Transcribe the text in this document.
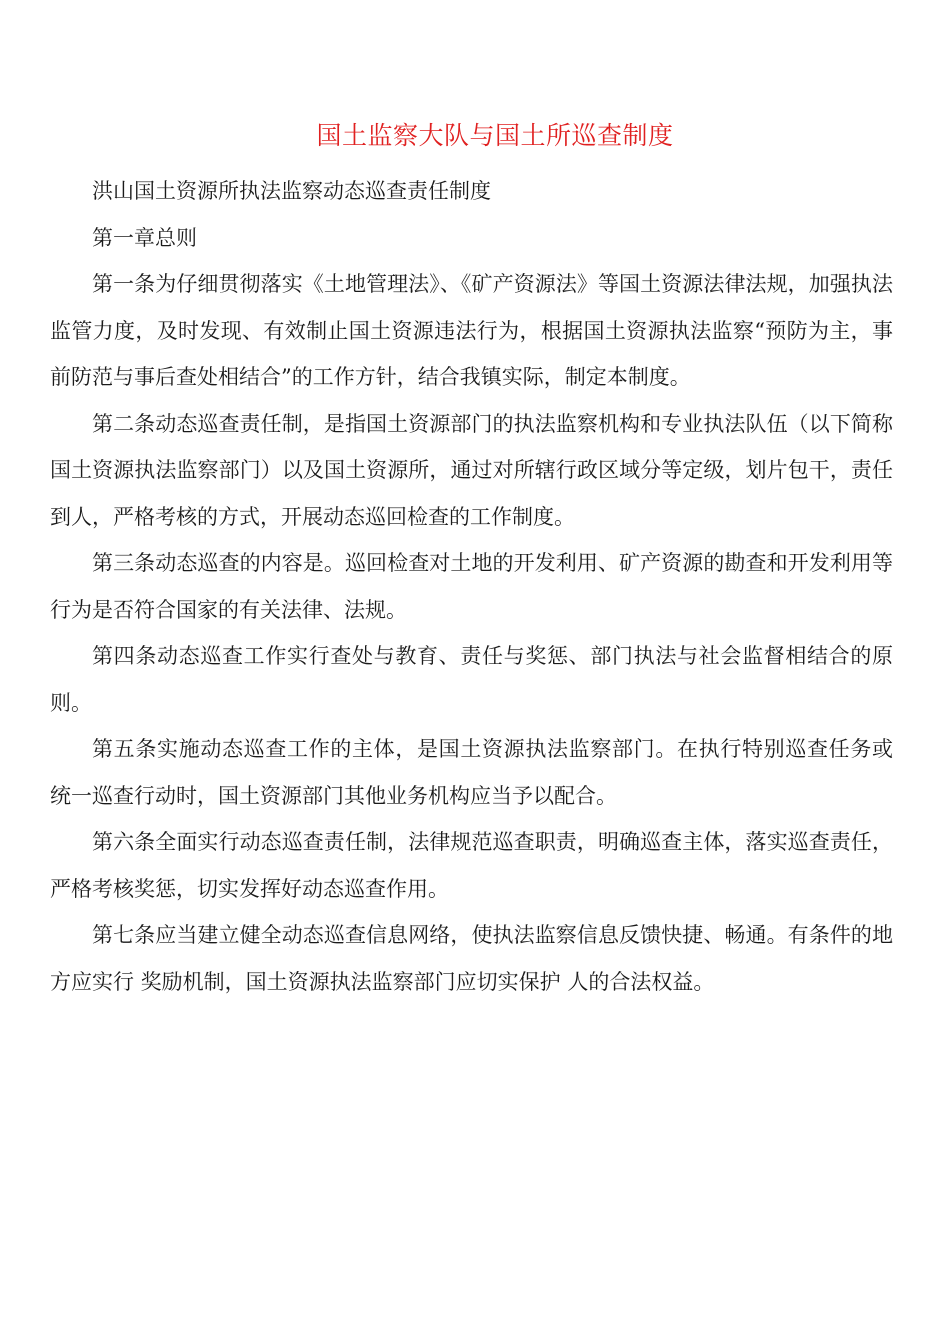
国土监察大队与国土所巡查制度

洪山国土资源所执法监察动态巡查责任制度

第一章总则

第一条为仔细贯彻落实《土地管理法》、《矿产资源法》等国土资源法律法规，加强执法监管力度，及时发现、有效制止国土资源违法行为，根据国土资源执法监察“预防为主，事前防范与事后查处相结合”的工作方针，结合我镇实际，制定本制度。

第二条动态巡查责任制，是指国土资源部门的执法监察机构和专业执法队伍（以下简称国土资源执法监察部门）以及国土资源所，通过对所辖行政区域分等定级，划片包干，责任到人，严格考核的方式，开展动态巡回检查的工作制度。

第三条动态巡查的内容是。巡回检查对土地的开发利用、矿产资源的勘查和开发利用等行为是否符合国家的有关法律、法规。

第四条动态巡查工作实行查处与教育、责任与奖惩、部门执法与社会监督相结合的原则。

第五条实施动态巡查工作的主体，是国土资源执法监察部门。在执行特别巡查任务或 统一巡查行动时，国土资源部门其他业务机构应当予以配合。

第六条全面实行动态巡查责任制，法律规范巡查职责，明确巡查主体，落实巡查责任，严格考核奖惩，切实发挥好动态巡查作用。

第七条应当建立健全动态巡查信息网络，使执法监察信息反馈快捷、畅通。有条件的地方应实行 奖励机制，国土资源执法监察部门应切实保护 人的合法权益。
